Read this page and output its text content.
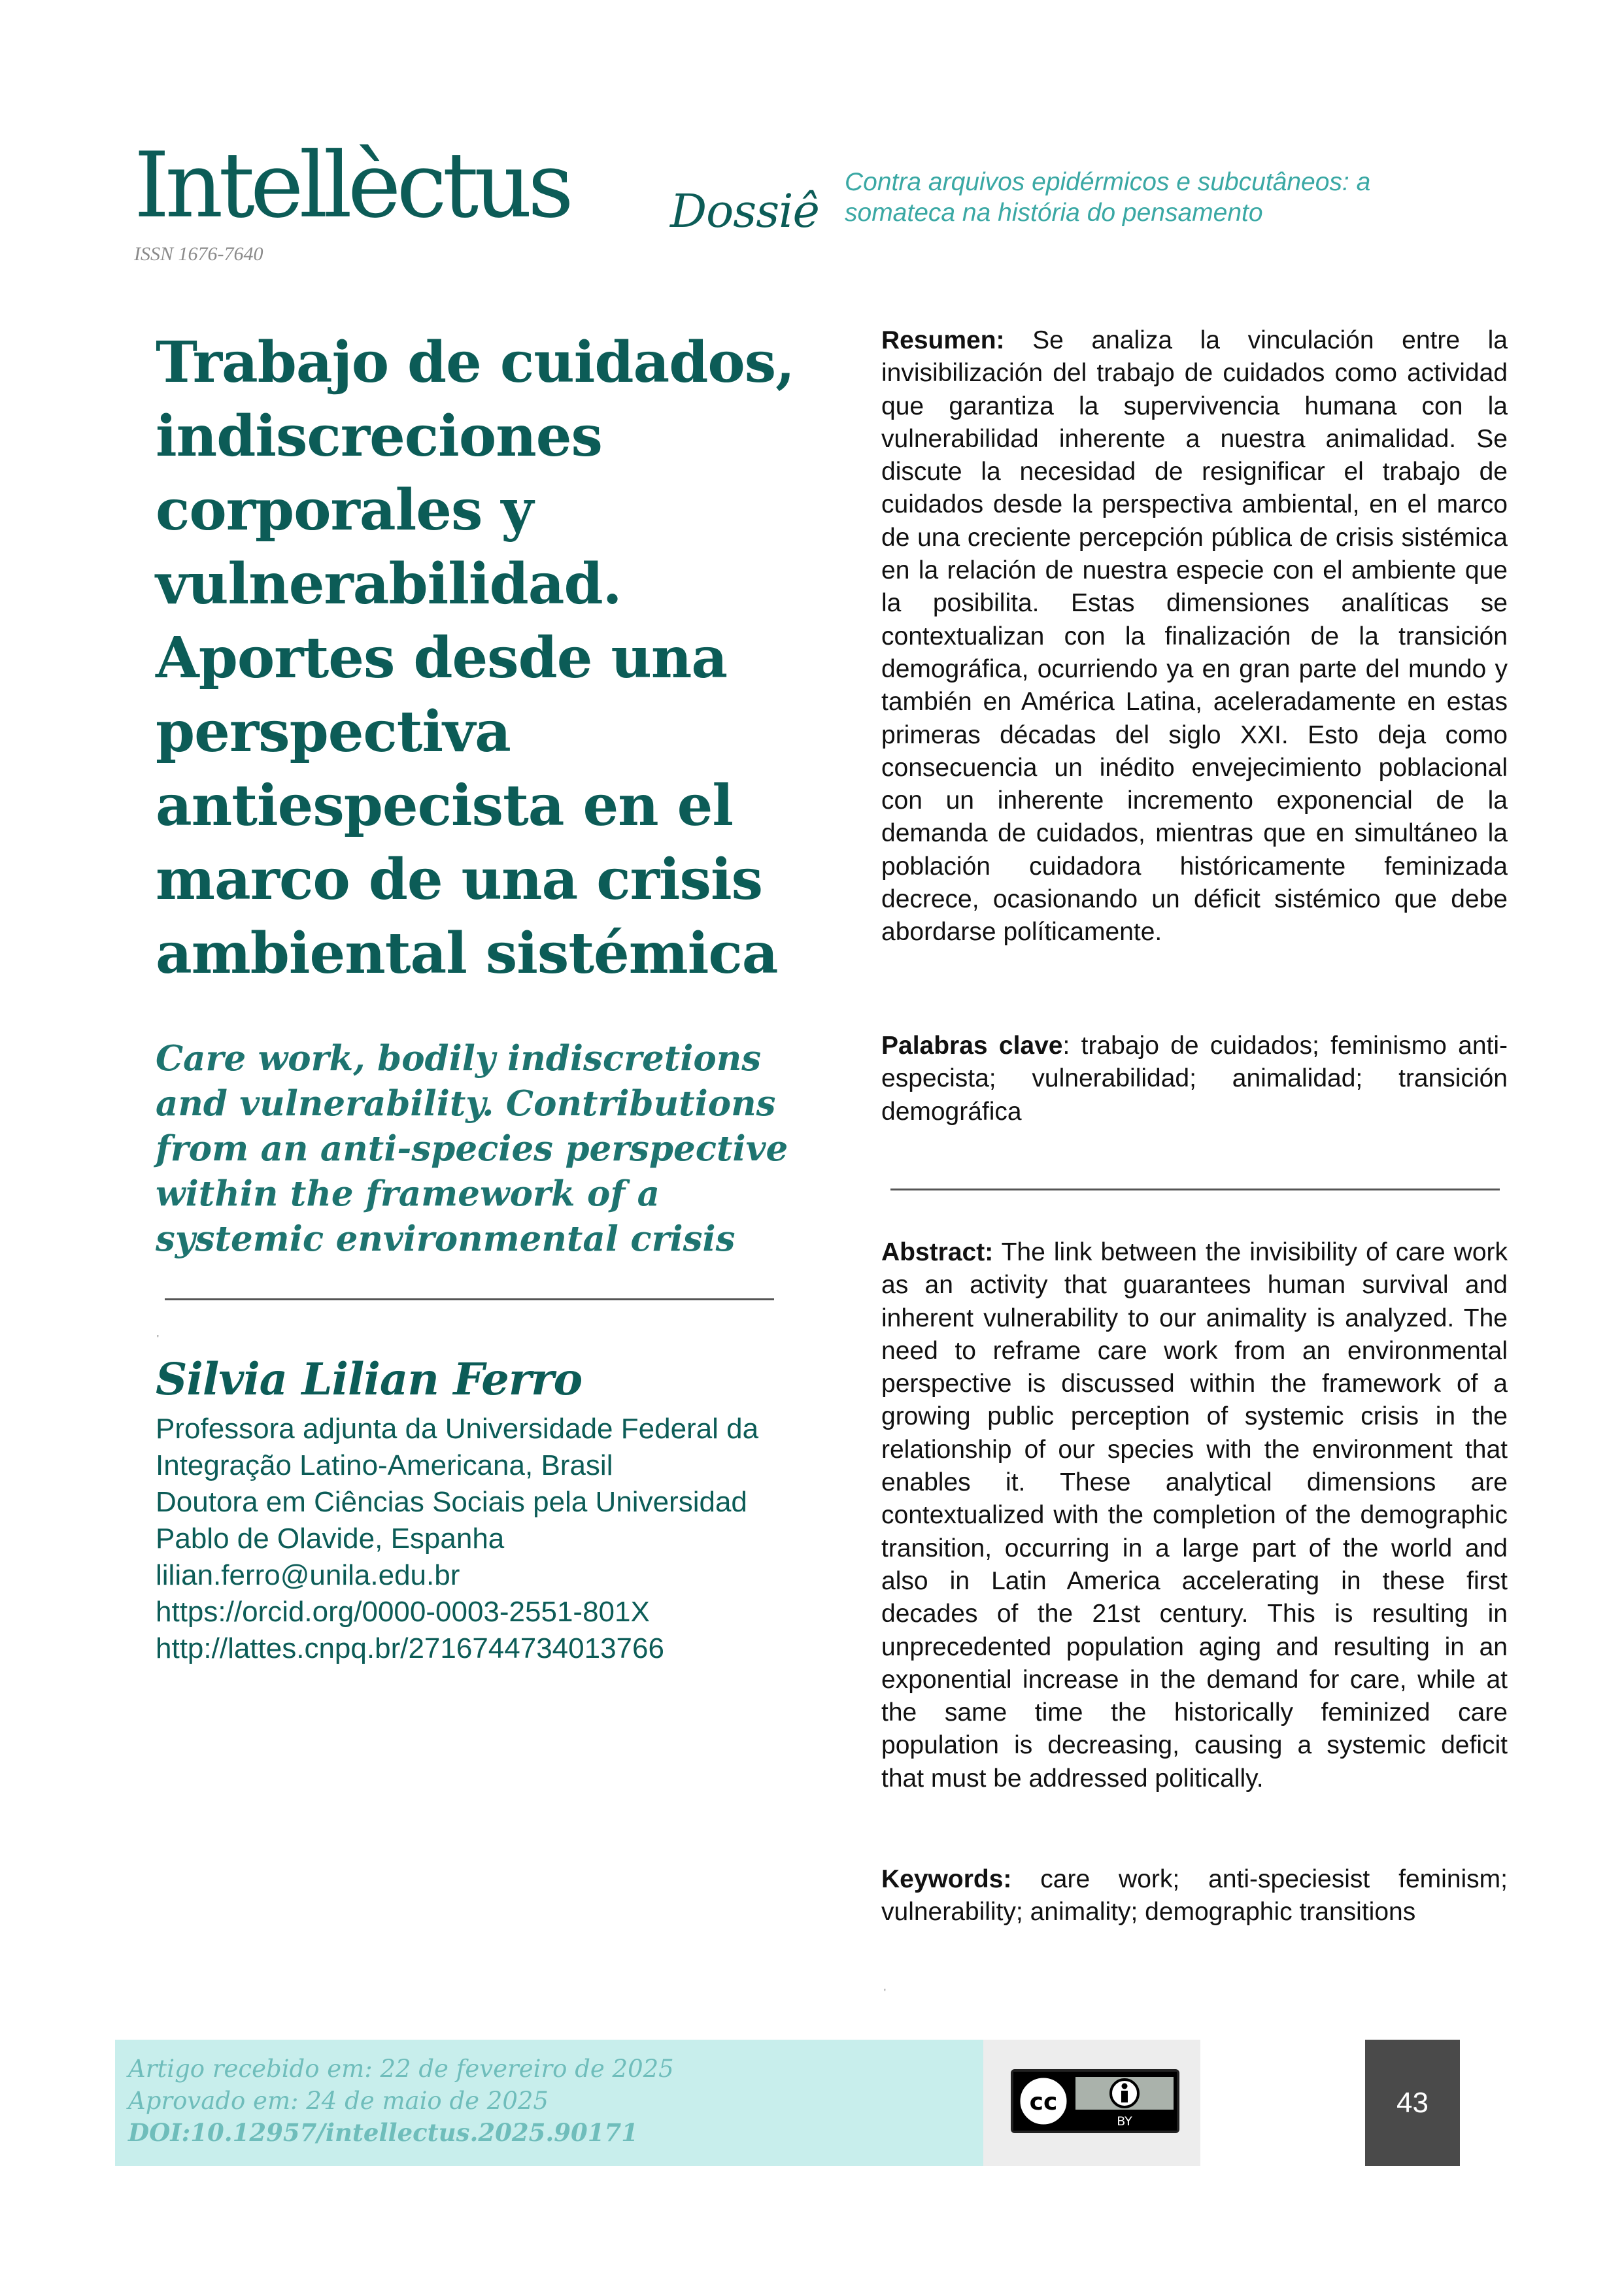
Intellèctus
ISSN 1676-7640
Dossiê
Contra arquivos epidérmicos e subcutâneos: a somateca na história do pensamento
Trabajo de cuidados, indiscreciones corporales y vulnerabilidad. Aportes desde una perspectiva antiespecista en el marco de una crisis ambiental sistémica
Care work, bodily indiscretions and vulnerability. Contributions from an anti-species perspective within the framework of a systemic environmental crisis
'
Silvia Lilian Ferro
Professora adjunta da Universidade Federal da
Integração Latino-Americana, Brasil
Doutora em Ciências Sociais pela Universidad
Pablo de Olavide, Espanha
lilian.ferro@unila.edu.br
https://orcid.org/0000-0003-2551-801X
http://lattes.cnpq.br/2716744734013766

Resumen: Se analiza la vinculación entre la invisibilización del trabajo de cuidados como actividad que garantiza la supervivencia humana con la vulnerabilidad inherente a nuestra animalidad. Se discute la necesidad de resignificar el trabajo de cuidados desde la perspectiva ambiental, en el marco de una creciente percepción pública de crisis sistémica en la relación de nuestra especie con el ambiente que la posibilita. Estas dimensiones analíticas se contextualizan con la finalización de la transición demográfica, ocurriendo ya en gran parte del mundo y también en América Latina, aceleradamente en estas primeras décadas del siglo XXI. Esto deja como consecuencia un inédito envejecimiento poblacional con un inherente incremento exponencial de la demanda de cuidados, mientras que en simultáneo la población cuidadora históricamente feminizada decrece, ocasionando un déficit sistémico que debe abordarse políticamente.

Palabras clave: trabajo de cuidados; feminismo anti-especista; vulnerabilidad; animalidad; transición demográfica

Abstract: The link between the invisibility of care work as an activity that guarantees human survival and inherent vulnerability to our animality is analyzed. The need to reframe care work from an environmental perspective is discussed within the framework of a growing public perception of systemic crisis in the relationship of our species with the environment that enables it. These analytical dimensions are contextualized with the completion of the demographic transition, occurring in a large part of the world and also in Latin America accelerating in these first decades of the 21st century. This is resulting in unprecedented population aging and resulting in an exponential increase in the demand for care, while at the same time the historically feminized care population is decreasing, causing a systemic deficit that must be addressed politically.

Keywords: care work; anti-speciesist feminism; vulnerability; animality; demographic transitions

'
Artigo recebido em: 22 de fevereiro de 2025
Aprovado em: 24 de maio de 2025
DOI:10.12957/intellectus.2025.90171
cc
BY
43
